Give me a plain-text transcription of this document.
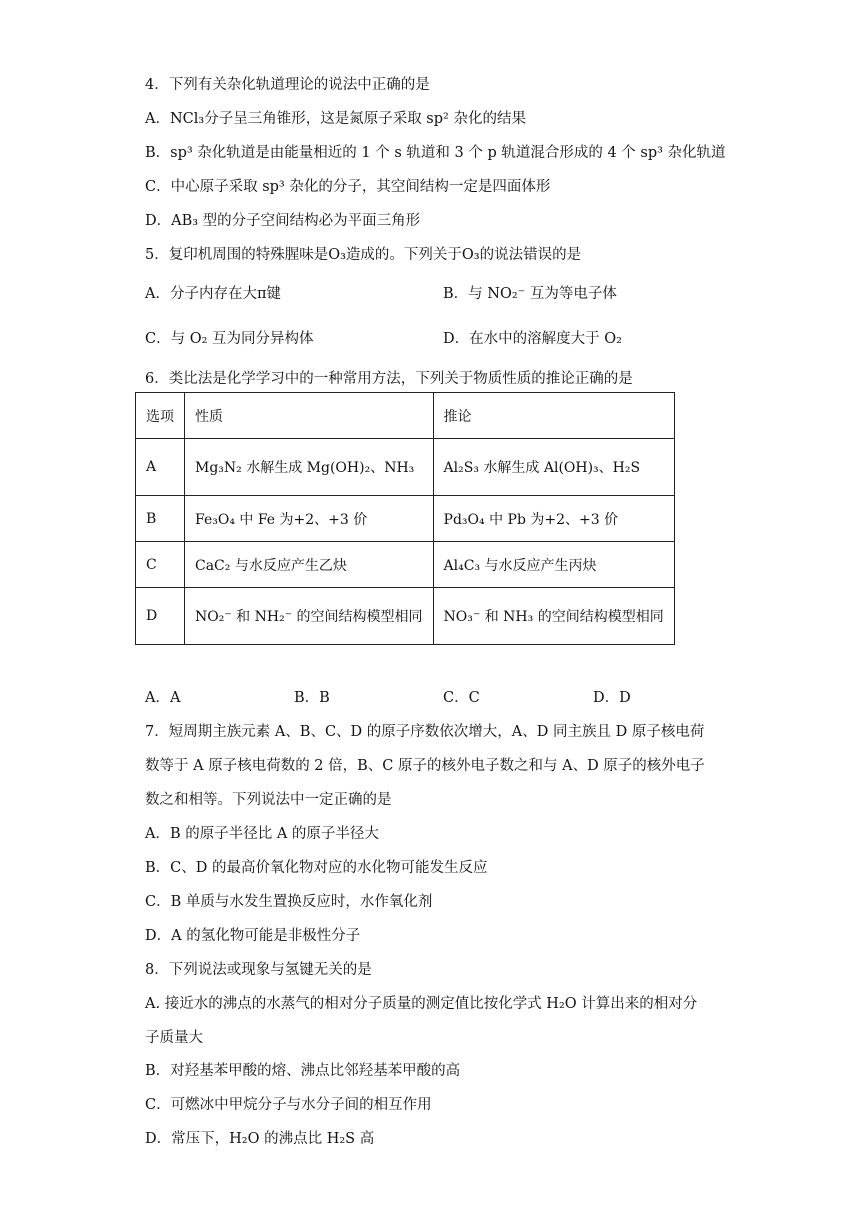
4．下列有关杂化轨道理论的说法中正确的是
A．NCl₃分子呈三角锥形，这是氮原子采取 sp² 杂化的结果
B．sp³ 杂化轨道是由能量相近的 1 个 s 轨道和 3 个 p 轨道混合形成的 4 个 sp³ 杂化轨道
C．中心原子采取 sp³ 杂化的分子，其空间结构一定是四面体形
D．AB₃ 型的分子空间结构必为平面三角形
5．复印机周围的特殊腥味是O₃造成的。下列关于O₃的说法错误的是
A．分子内存在大π键	B．与 NO₂⁻ 互为等电子体
C．与 O₂ 互为同分异构体	D．在水中的溶解度大于 O₂
6．类比法是化学学习中的一种常用方法，下列关于物质性质的推论正确的是
选项	性质	推论
A	Mg₃N₂ 水解生成 Mg(OH)₂、NH₃	Al₂S₃ 水解生成 Al(OH)₃、H₂S
B	Fe₃O₄ 中 Fe 为+2、+3 价	Pd₃O₄ 中 Pb 为+2、+3 价
C	CaC₂ 与水反应产生乙炔	Al₄C₃ 与水反应产生丙炔
D	NO₂⁻ 和 NH₂⁻ 的空间结构模型相同	NO₃⁻ 和 NH₃ 的空间结构模型相同
A．A	B．B	C．C	D．D
7．短周期主族元素 A、B、C、D 的原子序数依次增大，A、D 同主族且 D 原子核电荷
数等于 A 原子核电荷数的 2 倍，B、C 原子的核外电子数之和与 A、D 原子的核外电子
数之和相等。下列说法中一定正确的是
A．B 的原子半径比 A 的原子半径大
B．C、D 的最高价氧化物对应的水化物可能发生反应
C．B 单质与水发生置换反应时，水作氧化剂
D．A 的氢化物可能是非极性分子
8．下列说法或现象与氢键无关的是
A. 接近水的沸点的水蒸气的相对分子质量的测定值比按化学式 H₂O 计算出来的相对分
子质量大
B．对羟基苯甲酸的熔、沸点比邻羟基苯甲酸的高
C．可燃冰中甲烷分子与水分子间的相互作用
D．常压下，H₂O 的沸点比 H₂S 高
